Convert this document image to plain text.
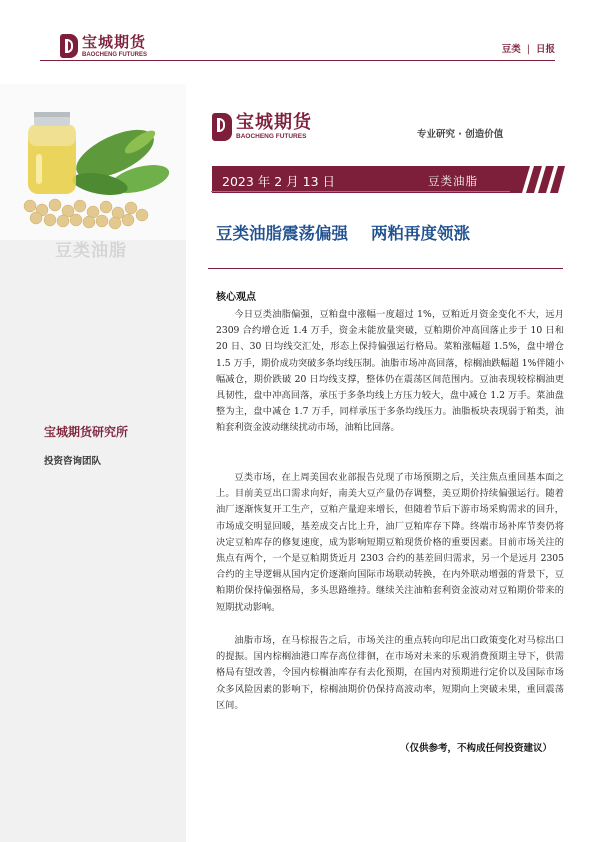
宝城期货
BAOCHENG FUTURES	豆类 | 日报
豆类油脂
宝城期货研究所
投资咨询团队
宝城期货
BAOCHENG FUTURES	专业研究 · 创造价值
2023 年 2 月 13 日	豆类油脂
豆类油脂震荡偏强    两粕再度领涨
核心观点

今日豆类油脂偏强，豆粕盘中涨幅一度超过 1%，豆粕近月资金变化不大，远月 2309 合约增仓近 1.4 万手，资金未能放量突破，豆粕期价冲高回落止步于 10 日和 20 日、30 日均线交汇处，形态上保持偏强运行格局。菜粕涨幅超 1.5%，盘中增仓 1.5 万手，期价成功突破多条均线压制。油脂市场冲高回落，棕榈油跌幅超 1%伴随小幅减仓，期价跌破 20 日均线支撑，整体仍在震荡区间范围内。豆油表现较棕榈油更具韧性，盘中冲高回落，承压于多条均线上方压力较大，盘中减仓 1.2 万手。菜油盘整为主，盘中减仓 1.7 万手，同样承压于多条均线压力。油脂板块表现弱于粕类，油粕套利资金波动继续扰动市场，油粕比回落。

豆类市场，在上周美国农业部报告兑现了市场预期之后，关注焦点重回基本面之上。目前美豆出口需求向好，南美大豆产量仍存调整，美豆期价持续偏强运行。随着油厂逐渐恢复开工生产，豆粕产量迎来增长，但随着节后下游市场采购需求的回升，市场成交明显回暖，基差成交占比上升，油厂豆粕库存下降。终端市场补库节奏仍将决定豆粕库存的修复速度，成为影响短期豆粕现货价格的重要因素。目前市场关注的焦点有两个，一个是豆粕期货近月 2303 合约的基差回归需求，另一个是远月 2305 合约的主导逻辑从国内定价逐渐向国际市场联动转换，在内外联动增强的背景下，豆粕期价保持偏强格局，多头思路维持。继续关注油粕套利资金波动对豆粕期价带来的短期扰动影响。

油脂市场，在马棕报告之后，市场关注的重点转向印尼出口政策变化对马棕出口的提振。国内棕榈油港口库存高位徘徊，在市场对未来的乐观消费预期主导下，供需格局有望改善，令国内棕榈油库存有去化预期，在国内对预期进行定价以及国际市场众多风险因素的影响下，棕榈油期价仍保持高波动率，短期向上突破未果，重回震荡区间。

（仅供参考，不构成任何投资建议）
